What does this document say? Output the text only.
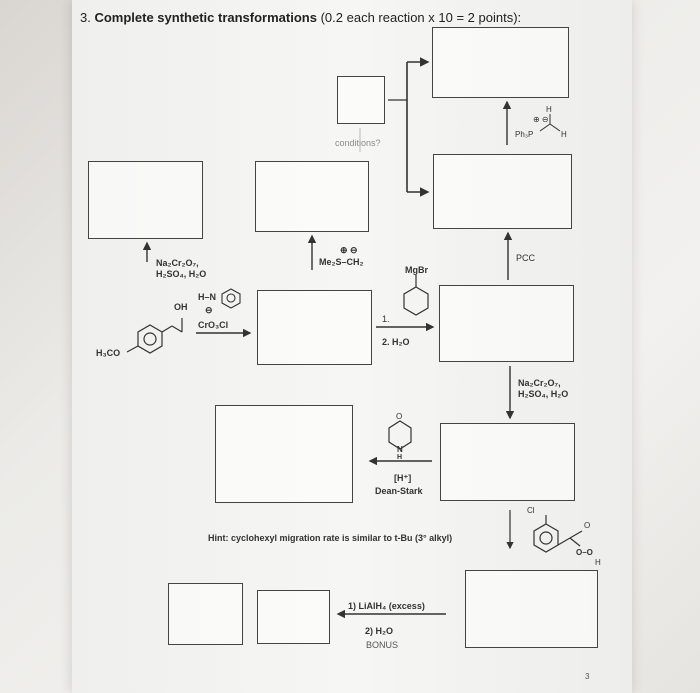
3. Complete synthetic transformations (0.2 each reaction x 10 = 2 points):
conditions?
H
⊕ ⊖
Ph₃P	H
Na₂Cr₂O₇,
H₂SO₄, H₂O
⊕ ⊖
Me₂S–CH₂
MgBr
PCC
H–N
⊖
CrO₃Cl
1.
2. H₂O
Na₂Cr₂O₇,
H₂SO₄, H₂O
O
N
H
[H⁺]
Dean-Stark
1) LiAlH₄ (excess)
2) H₂O
BONUS
OH
H₃CO
Cl
O
O–O
H
Hint: cyclohexyl migration rate is similar to t-Bu (3° alkyl)
3
